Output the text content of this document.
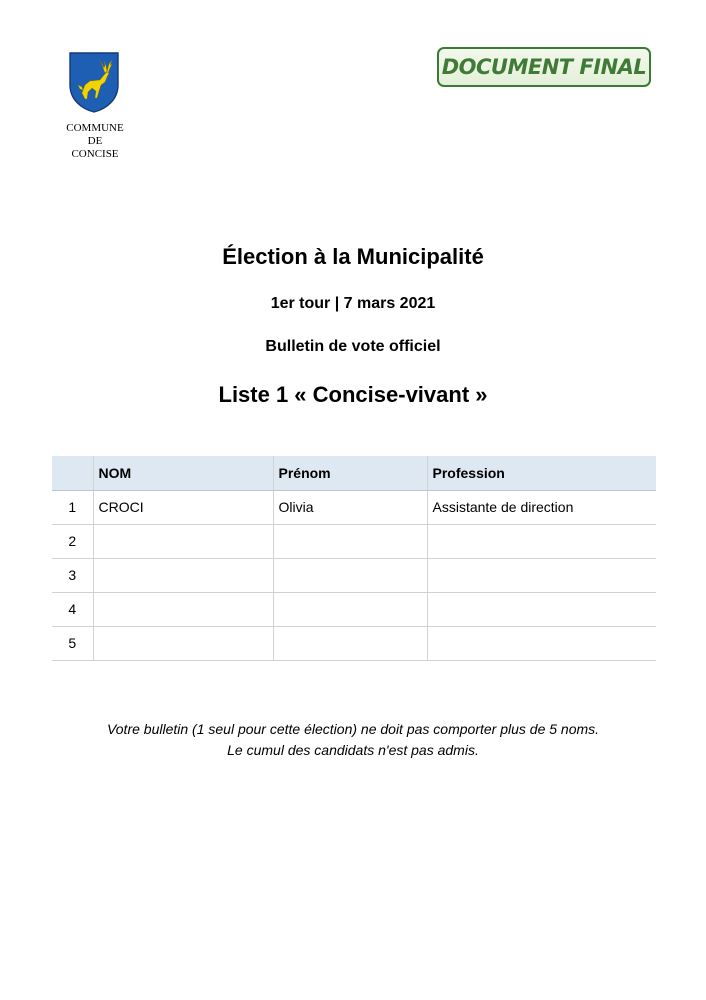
COMMUNE
DE
CONCISE
DOCUMENT FINAL
Élection à la Municipalité
1er tour | 7 mars 2021
Bulletin de vote officiel
Liste 1 « Concise-vivant »
	NOM	Prénom	Profession
1	CROCI	Olivia	Assistante de direction
2			
3			
4			
5			
Votre bulletin (1 seul pour cette élection) ne doit pas comporter plus de 5 noms.
Le cumul des candidats n'est pas admis.
